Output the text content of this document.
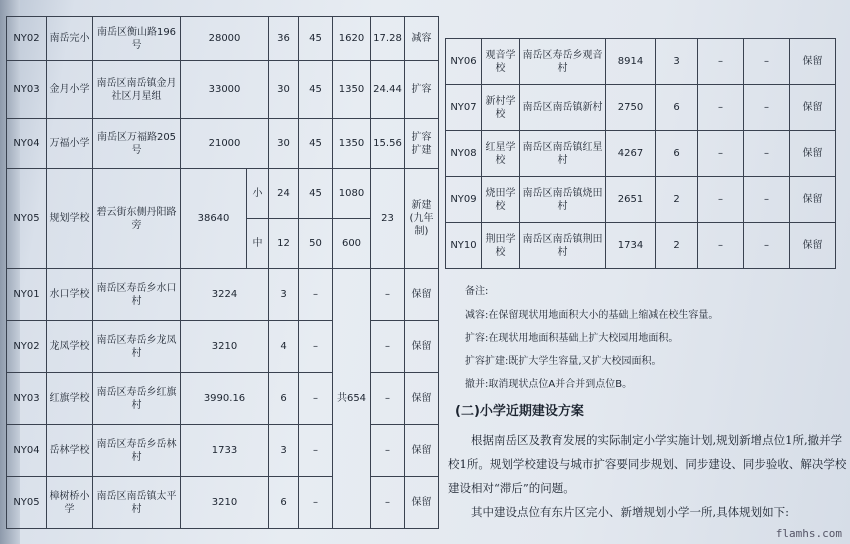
NY02	南岳完小	南岳区衡山路196号	28000		36	45	1620	17.28	减容
NY03	金月小学	南岳区南岳镇金月社区月星组	33000		30	45	1350	24.44	扩容
NY04	万福小学	南岳区万福路205号	21000		30	45	1350	15.56	扩容扩建
NY05	规划学校	碧云街东侧丹阳路旁	38640	小	24	45	1080	23	新建(九年制)
				中	12	50	600		
NY01	水口学校	南岳区寿岳乡水口村	3224		3	–	共654	–	保留
NY02	龙凤学校	南岳区寿岳乡龙凤村	3210		4	–		–	保留
NY03	红旗学校	南岳区寿岳乡红旗村	3990.16		6	–		–	保留
NY04	岳林学校	南岳区寿岳乡岳林村	1733		3	–		–	保留
NY05	樟树桥小学	南岳区南岳镇太平村	3210		6	–		–	保留
NY06	观音学校	南岳区寿岳乡观音村	8914	3	–	–	保留
NY07	新村学校	南岳区南岳镇新村	2750	6	–	–	保留
NY08	红星学校	南岳区南岳镇红星村	4267	6	–	–	保留
NY09	烧田学校	南岳区南岳镇烧田村	2651	2	–	–	保留
NY10	荆田学校	南岳区南岳镇荆田村	1734	2	–	–	保留

备注:

减容:在保留现状用地面积大小的基础上缩减在校生容量。

扩容:在现状用地面积基础上扩大校园用地面积。

扩容扩建:既扩大学生容量,又扩大校园面积。

撤并:取消现状点位A并合并到点位B。

(二)小学近期建设方案

根据南岳区及教育发展的实际制定小学实施计划,规划新增点位1所,撤并学校1所。规划学校建设与城市扩容要同步规划、同步建设、同步验收、解决学校建设相对“滞后”的问题。

其中建设点位有东片区完小、新增规划小学一所,具体规划如下:

flamhs.com
